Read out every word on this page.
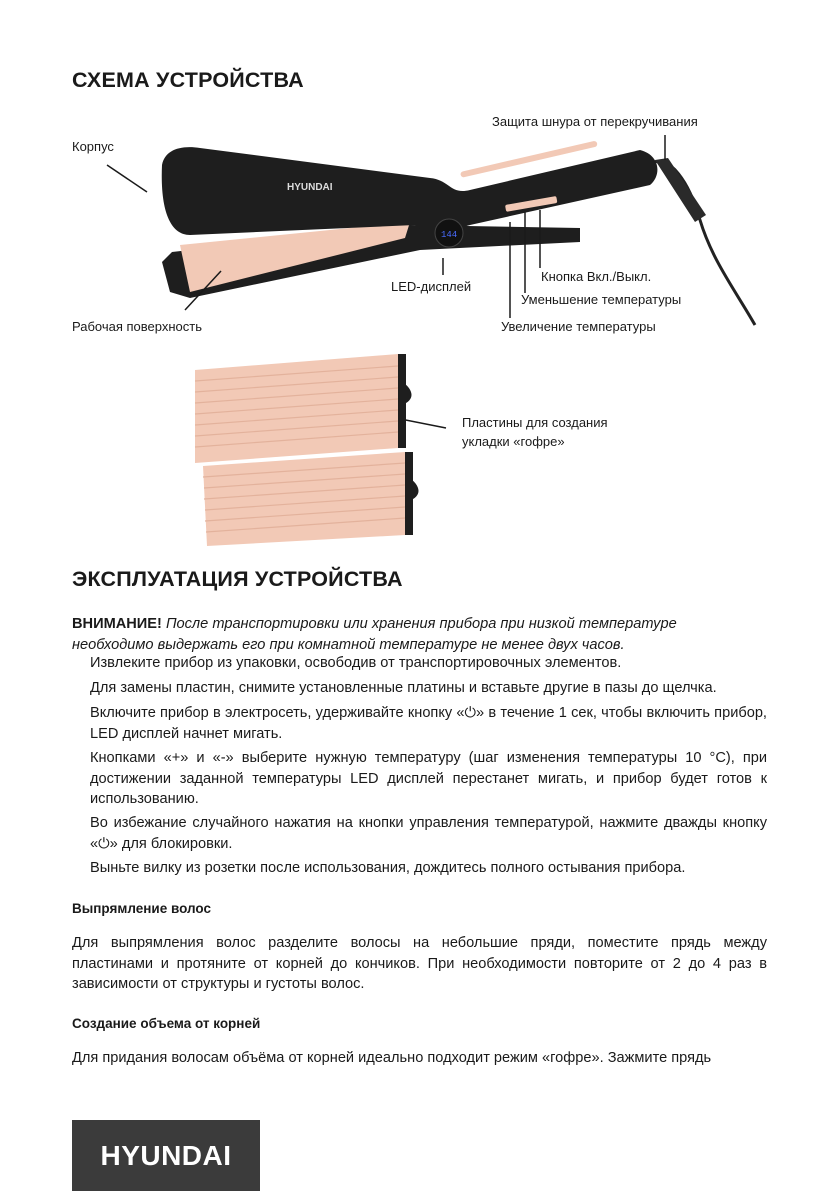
СХЕМА УСТРОЙСТВА
HYUNDAI
144
Корпус
Защита шнура от перекручивания
Кнопка Вкл./Выкл.
LED-дисплей
Уменьшение температуры
Рабочая поверхность	Увеличение температуры
Пластины для создания
укладки «гофре»
ЭКСПЛУАТАЦИЯ УСТРОЙСТВА
ВНИМАНИЕ! После транспортировки или хранения прибора при низкой температуре необходимо выдержать его при комнатной температуре не менее двух часов.
Извлеките прибор из упаковки, освободив от транспортировочных элементов.
Для замены пластин, снимите установленные платины и вставьте другие в пазы до щелчка.
Включите прибор в электросеть, удерживайте кнопку «⏻» в течение 1 сек, чтобы включить прибор, LED дисплей начнет мигать.
Кнопками «+» и «-» выберите нужную температуру (шаг изменения температуры 10 °С), при достижении заданной температуры LED дисплей перестанет мигать, и прибор будет готов к использованию.
Во избежание случайного нажатия на кнопки управления температурой, нажмите дважды кнопку «⏻» для блокировки.
Выньте вилку из розетки после использования, дождитесь полного остывания прибора.
Выпрямление волос
Для выпрямления волос разделите волосы на небольшие пряди, поместите прядь между пластинами и протяните от корней до кончиков. При необходимости повторите от 2 до 4 раз в зависимости от структуры и густоты волос.
Создание объема от корней
Для придания волосам объёма от корней идеально подходит режим «гофре». Зажмите прядь
HYUNDAI
